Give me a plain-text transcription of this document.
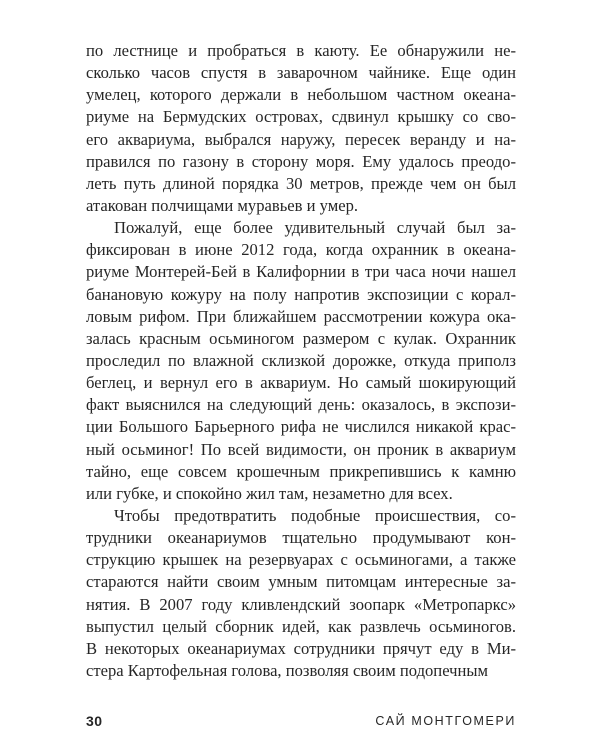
по лестнице и пробраться в каюту. Ее обнаружили не-
сколько часов спустя в заварочном чайнике. Еще один
умелец, которого держали в небольшом частном океана-
риуме на Бермудских островах, сдвинул крышку со сво-
его аквариума, выбрался наружу, пересек веранду и на-
правился по газону в сторону моря. Ему удалось преодо-
леть путь длиной порядка 30 метров, прежде чем он был
атакован полчищами муравьев и умер.
Пожалуй, еще более удивительный случай был за-
фиксирован в июне 2012 года, когда охранник в океана-
риуме Монтерей-Бей в Калифорнии в три часа ночи нашел
банановую кожуру на полу напротив экспозиции с корал-
ловым рифом. При ближайшем рассмотрении кожура ока-
залась красным осьминогом размером с кулак. Охранник
проследил по влажной склизкой дорожке, откуда приполз
беглец, и вернул его в аквариум. Но самый шокирующий
факт выяснился на следующий день: оказалось, в экспози-
ции Большого Барьерного рифа не числился никакой крас-
ный осьминог! По всей видимости, он проник в аквариум
тайно, еще совсем крошечным прикрепившись к камню
или губке, и спокойно жил там, незаметно для всех.
Чтобы предотвратить подобные происшествия, со-
трудники океанариумов тщательно продумывают кон-
струкцию крышек на резервуарах с осьминогами, а также
стараются найти своим умным питомцам интересные за-
нятия. В 2007 году кливлендский зоопарк «Метропаркс»
выпустил целый сборник идей, как развлечь осьминогов.
В некоторых океанариумах сотрудники прячут еду в Ми-
стера Картофельная голова, позволяя своим подопечным
30	САЙ МОНТГОМЕРИ
